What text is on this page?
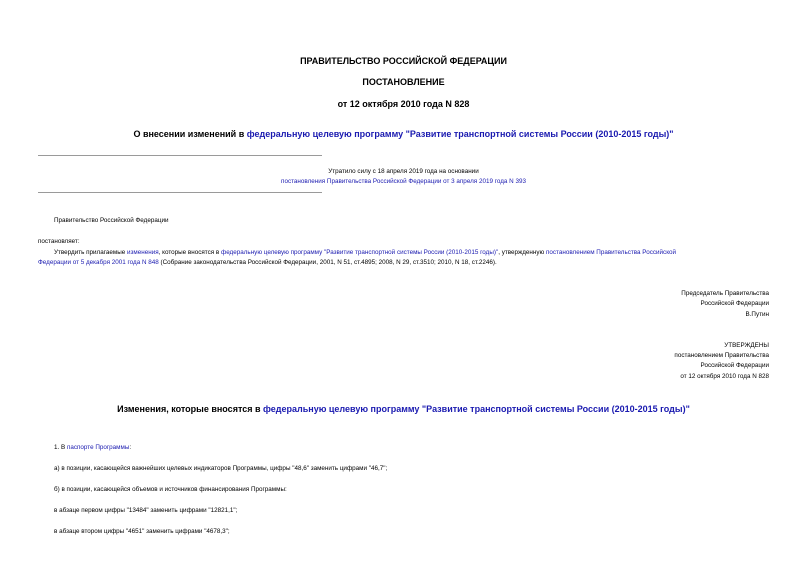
ПРАВИТЕЛЬСТВО РОССИЙСКОЙ ФЕДЕРАЦИИ
ПОСТАНОВЛЕНИЕ
от 12 октября 2010 года N 828
О внесении изменений в федеральную целевую программу "Развитие транспортной системы России (2010-2015 годы)"
Утратило силу с 18 апреля 2019 года на основании
постановления Правительства Российской Федерации от 3 апреля 2019 года N 393
Правительство Российской Федерации
постановляет:
Утвердить прилагаемые изменения, которые вносятся в федеральную целевую программу "Развитие транспортной системы России (2010-2015 годы)", утвержденную постановлением Правительства Российской
Федерации от 5 декабря 2001 года N 848 (Собрание законодательства Российской Федерации, 2001, N 51, ст.4895; 2008, N 29, ст.3510; 2010, N 18, ст.2246).
Председатель Правительства
Российской Федерации
В.Путин
УТВЕРЖДЕНЫ
постановлением Правительства
Российской Федерации
от 12 октября 2010 года N 828
Изменения, которые вносятся в федеральную целевую программу "Развитие транспортной системы России (2010-2015 годы)"
1. В паспорте Программы:
а) в позиции, касающейся важнейших целевых индикаторов Программы, цифры "48,6" заменить цифрами "46,7";
б) в позиции, касающейся объемов и источников финансирования Программы:
в абзаце первом цифры "13484" заменить цифрами "12821,1";
в абзаце втором цифры "4651" заменить цифрами "4678,3";
